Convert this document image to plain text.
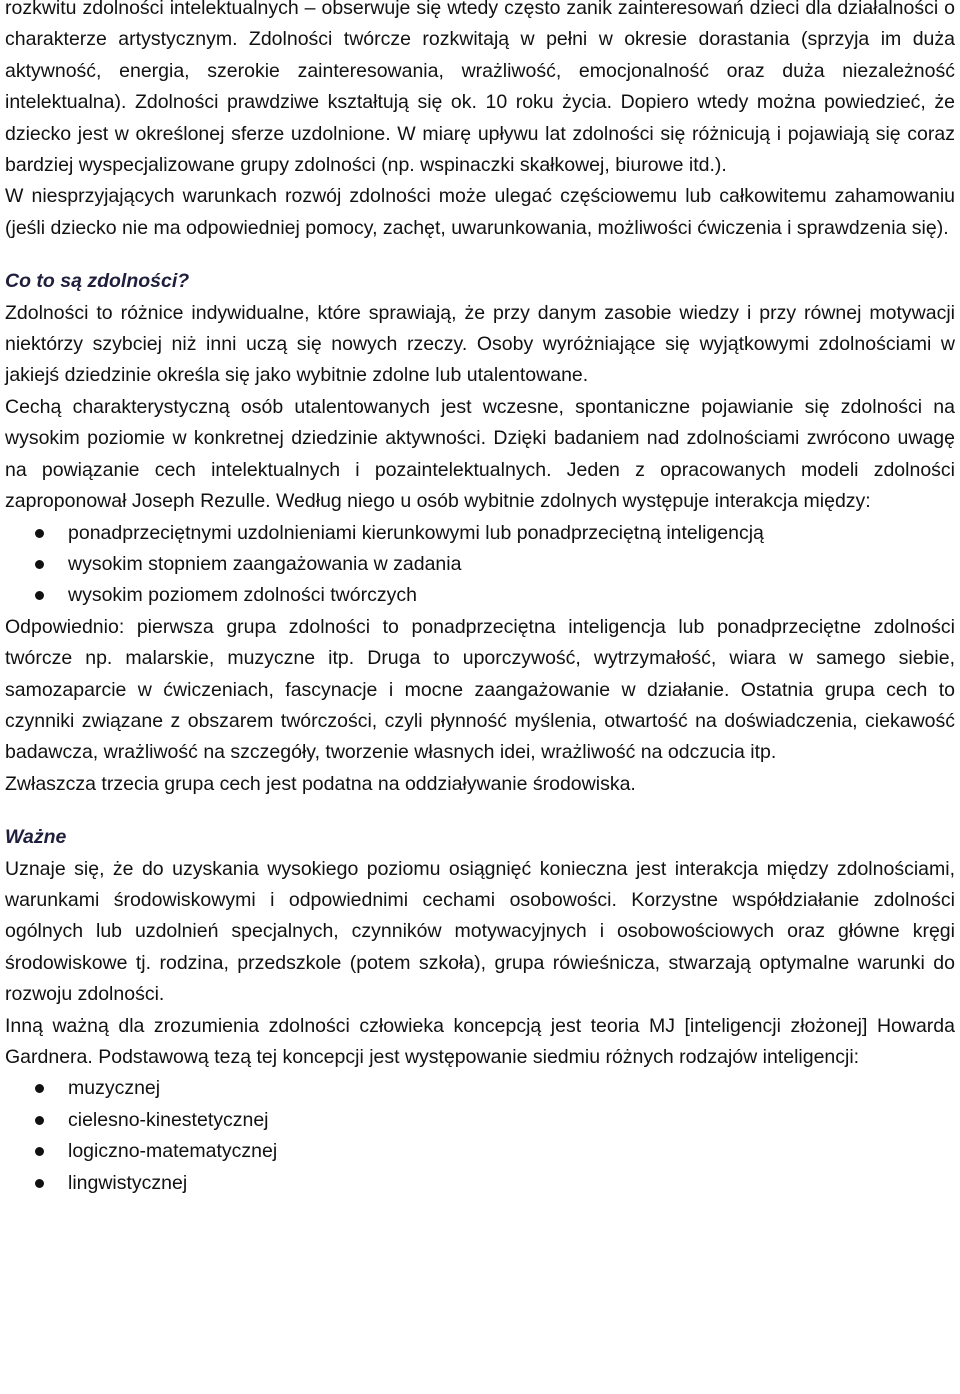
rozkwitu zdolności intelektualnych – obserwuje się wtedy często zanik zainteresowań dzieci dla działalności o charakterze artystycznym. Zdolności twórcze rozkwitają w pełni w okresie dorastania (sprzyja im duża aktywność, energia, szerokie zainteresowania, wrażliwość, emocjonalność oraz duża niezależność intelektualna). Zdolności prawdziwe kształtują się ok. 10 roku życia. Dopiero wtedy można powiedzieć, że dziecko jest w określonej sferze uzdolnione. W miarę upływu lat zdolności się różnicują i pojawiają się coraz bardziej wyspecjalizowane grupy zdolności (np. wspinaczki skałkowej, biurowe itd.).

W niesprzyjających warunkach rozwój zdolności może ulegać częściowemu lub całkowitemu zahamowaniu (jeśli dziecko nie ma odpowiedniej pomocy, zachęt, uwarunkowania, możliwości ćwiczenia i sprawdzenia się).

Co to są zdolności?

Zdolności to różnice indywidualne, które sprawiają, że przy danym zasobie wiedzy i przy równej motywacji niektórzy szybciej niż inni uczą się nowych rzeczy. Osoby wyróżniające się wyjątkowymi zdolnościami w jakiejś dziedzinie określa się jako wybitnie zdolne lub utalentowane.

Cechą charakterystyczną osób utalentowanych jest wczesne, spontaniczne pojawianie się zdolności na wysokim poziomie w konkretnej dziedzinie aktywności. Dzięki badaniem nad zdolnościami zwrócono uwagę na powiązanie cech intelektualnych i pozaintelektualnych. Jeden z opracowanych modeli zdolności zaproponował Joseph Rezulle. Według niego u osób wybitnie zdolnych występuje interakcja między:

ponadprzeciętnymi uzdolnieniami kierunkowymi lub ponadprzeciętną inteligencją
wysokim stopniem zaangażowania w zadania
wysokim poziomem zdolności twórczych

Odpowiednio: pierwsza grupa zdolności to ponadprzeciętna inteligencja lub ponadprzeciętne zdolności twórcze np. malarskie, muzyczne itp. Druga to uporczywość, wytrzymałość, wiara w samego siebie, samozaparcie w ćwiczeniach, fascynacje i mocne zaangażowanie w działanie. Ostatnia grupa cech to czynniki związane z obszarem twórczości, czyli płynność myślenia, otwartość na doświadczenia, ciekawość badawcza, wrażliwość na szczegóły, tworzenie własnych idei, wrażliwość na odczucia itp.

Zwłaszcza trzecia grupa cech jest podatna na oddziaływanie środowiska.

Ważne

Uznaje się, że do uzyskania wysokiego poziomu osiągnięć konieczna jest interakcja między zdolnościami, warunkami środowiskowymi i odpowiednimi cechami osobowości. Korzystne współdziałanie zdolności ogólnych lub uzdolnień specjalnych, czynników motywacyjnych i osobowościowych oraz główne kręgi środowiskowe tj. rodzina, przedszkole (potem szkoła), grupa rówieśnicza, stwarzają optymalne warunki do rozwoju zdolności.

Inną ważną dla zrozumienia zdolności człowieka koncepcją jest teoria MJ [inteligencji złożonej] Howarda Gardnera. Podstawową tezą tej koncepcji jest występowanie siedmiu różnych rodzajów inteligencji:

muzycznej
cielesno-kinestetycznej
logiczno-matematycznej
lingwistycznej
